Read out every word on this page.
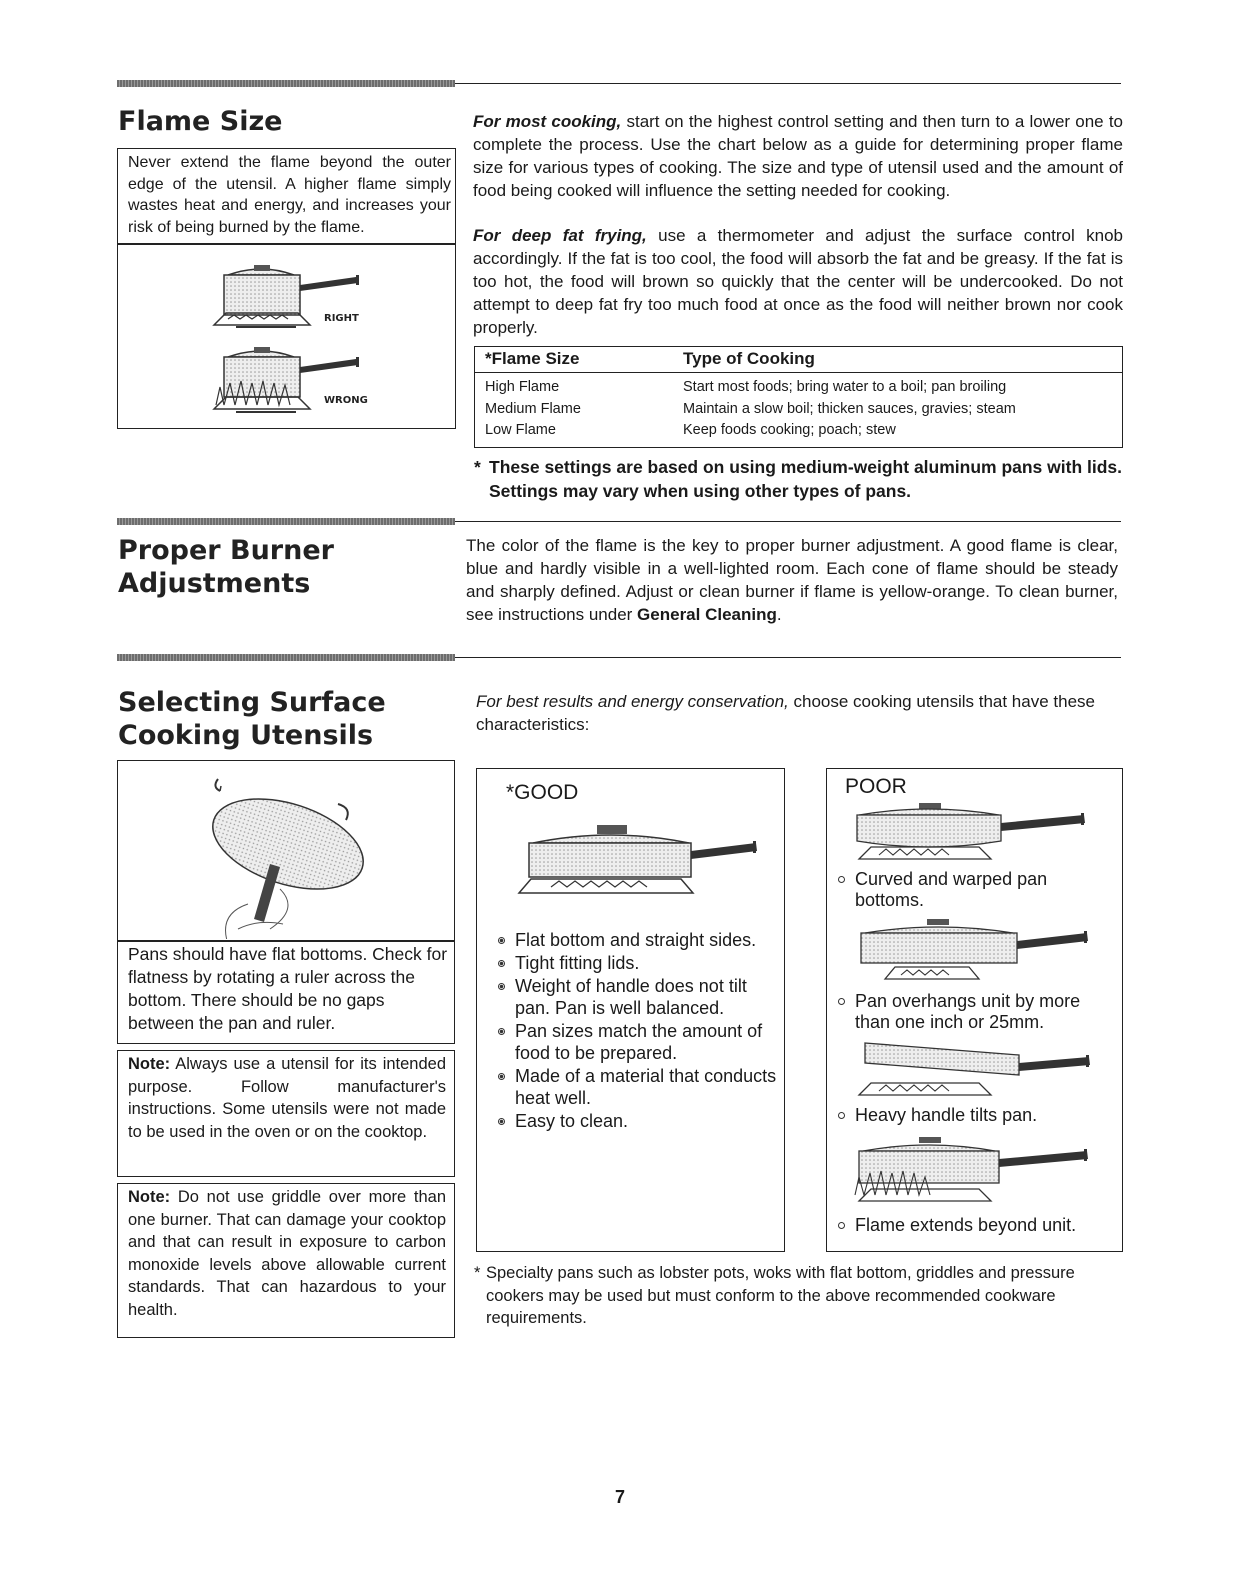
Flame Size
Never extend the flame beyond the outer edge of the utensil. A higher flame simply wastes heat and energy, and increases your risk of being burned by the flame.
RIGHT
WRONG
For most cooking, start on the highest control setting and then turn to a lower one to complete the process. Use the chart below as a guide for determining proper flame size for various types of cooking. The size and type of utensil used and the amount of food being cooked will influence the setting needed for cooking.
For deep fat frying, use a thermometer and adjust the surface control knob accordingly. If the fat is too cool, the food will absorb the fat and be greasy. If the fat is too hot, the food will brown so quickly that the center will be undercooked. Do not attempt to deep fat fry too much food at once as the food will neither brown nor cook properly.
*Flame Size	Type of Cooking
High Flame	Start most foods; bring water to a boil; pan broiling
Medium Flame	Maintain a slow boil; thicken sauces, gravies; steam
Low Flame	Keep foods cooking; poach; stew
* These settings are based on using medium-weight aluminum pans with lids. Settings may vary when using other types of pans.
Proper Burner
Adjustments
The color of the flame is the key to proper burner adjustment. A good flame is clear, blue and hardly visible in a well-lighted room. Each cone of flame should be steady and sharply defined. Adjust or clean burner if flame is yellow-orange. To clean burner, see instructions under General Cleaning.
Selecting Surface
Cooking Utensils
For best results and energy conservation, choose cooking utensils that have these characteristics:
Pans should have flat bottoms. Check for flatness by rotating a ruler across the bottom. There should be no gaps between the pan and ruler.
Note: Always use a utensil for its intended purpose. Follow manufacturer's instructions. Some utensils were not made to be used in the oven or on the cooktop.
Note: Do not use griddle over more than one burner. That can damage your cooktop and that can result in exposure to carbon monoxide levels above allowable current standards. That can hazardous to your health.
*GOOD
Flat bottom and straight sides.
Tight fitting lids.
Weight of handle does not tilt pan. Pan is well balanced.
Pan sizes match the amount of food to be prepared.
Made of a material that conducts heat well.
Easy to clean.
POOR
Curved and warped pan bottoms.
Pan overhangs unit by more than one inch or 25mm.
Heavy handle tilts pan.
Flame extends beyond unit.
* Specialty pans such as lobster pots, woks with flat bottom, griddles and pressure cookers may be used but must conform to the above recommended cookware requirements.
7
